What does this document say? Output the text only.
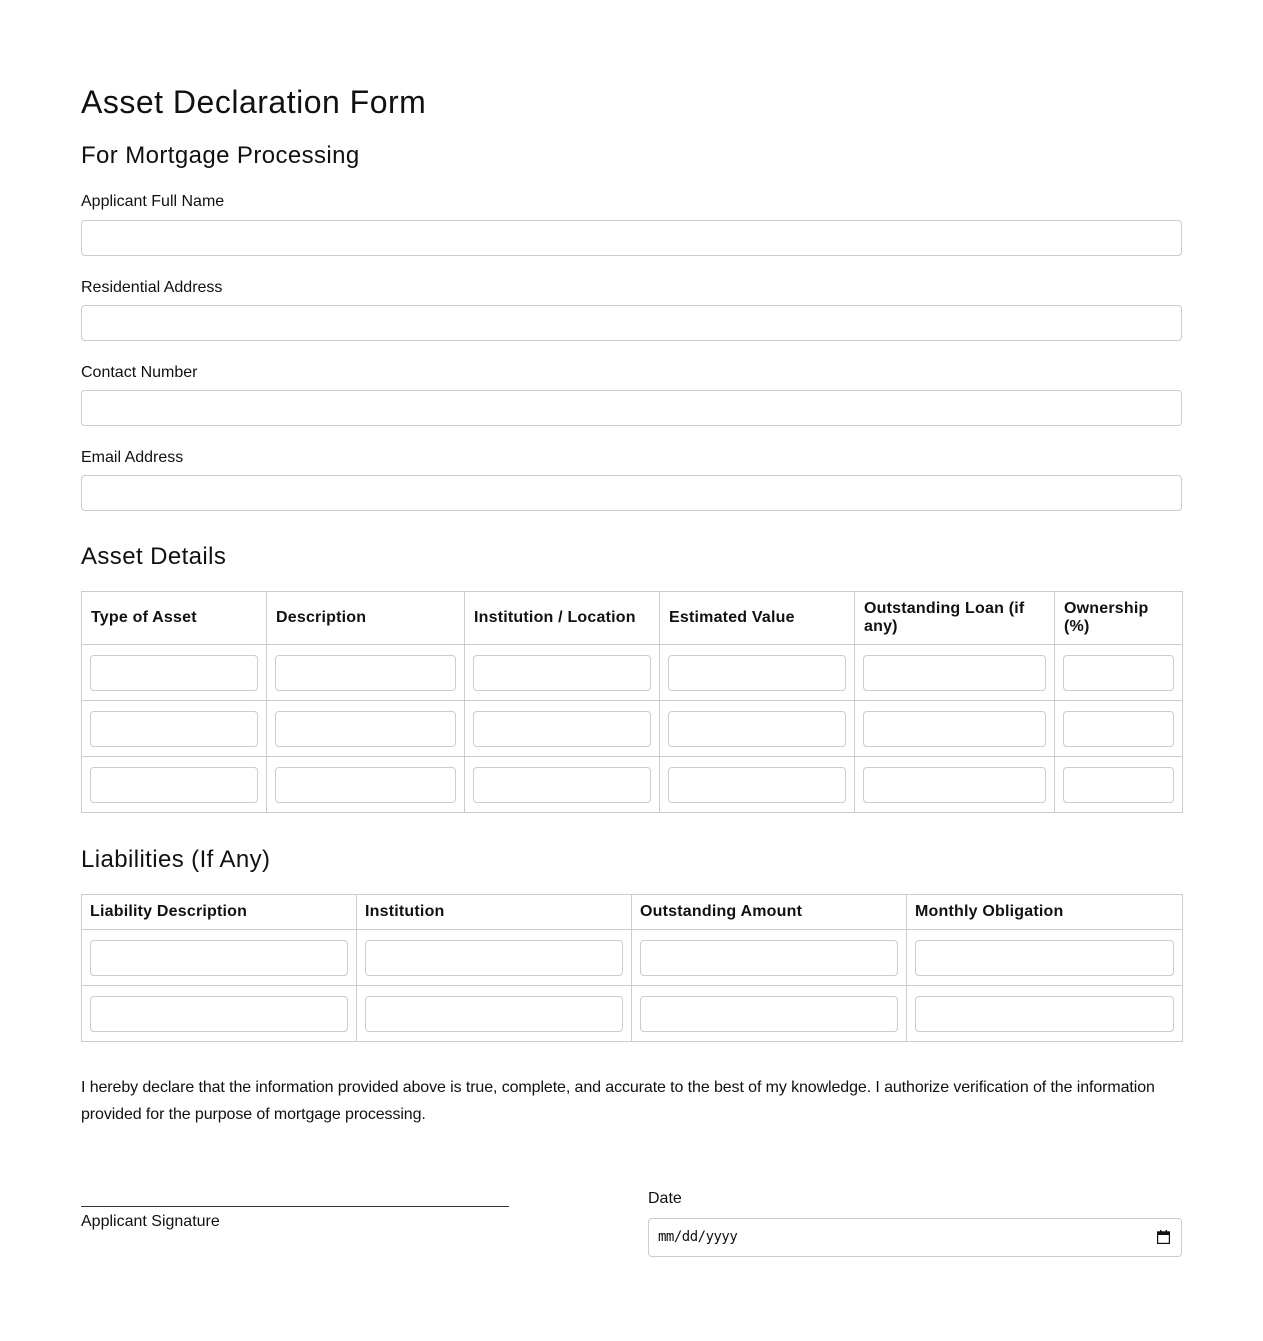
Asset Declaration Form
For Mortgage Processing
Applicant Full Name
Residential Address
Contact Number
Email Address
Asset Details
Type of Asset	Description	Institution / Location	Estimated Value	Outstanding Loan (if any)	Ownership (%)

Liabilities (If Any)
Liability Description	Institution	Outstanding Amount	Monthly Obligation

I hereby declare that the information provided above is true, complete, and accurate to the best of my knowledge. I authorize verification of the information provided for the purpose of mortgage processing.

Applicant Signature
Date
mm/dd/yyyy
